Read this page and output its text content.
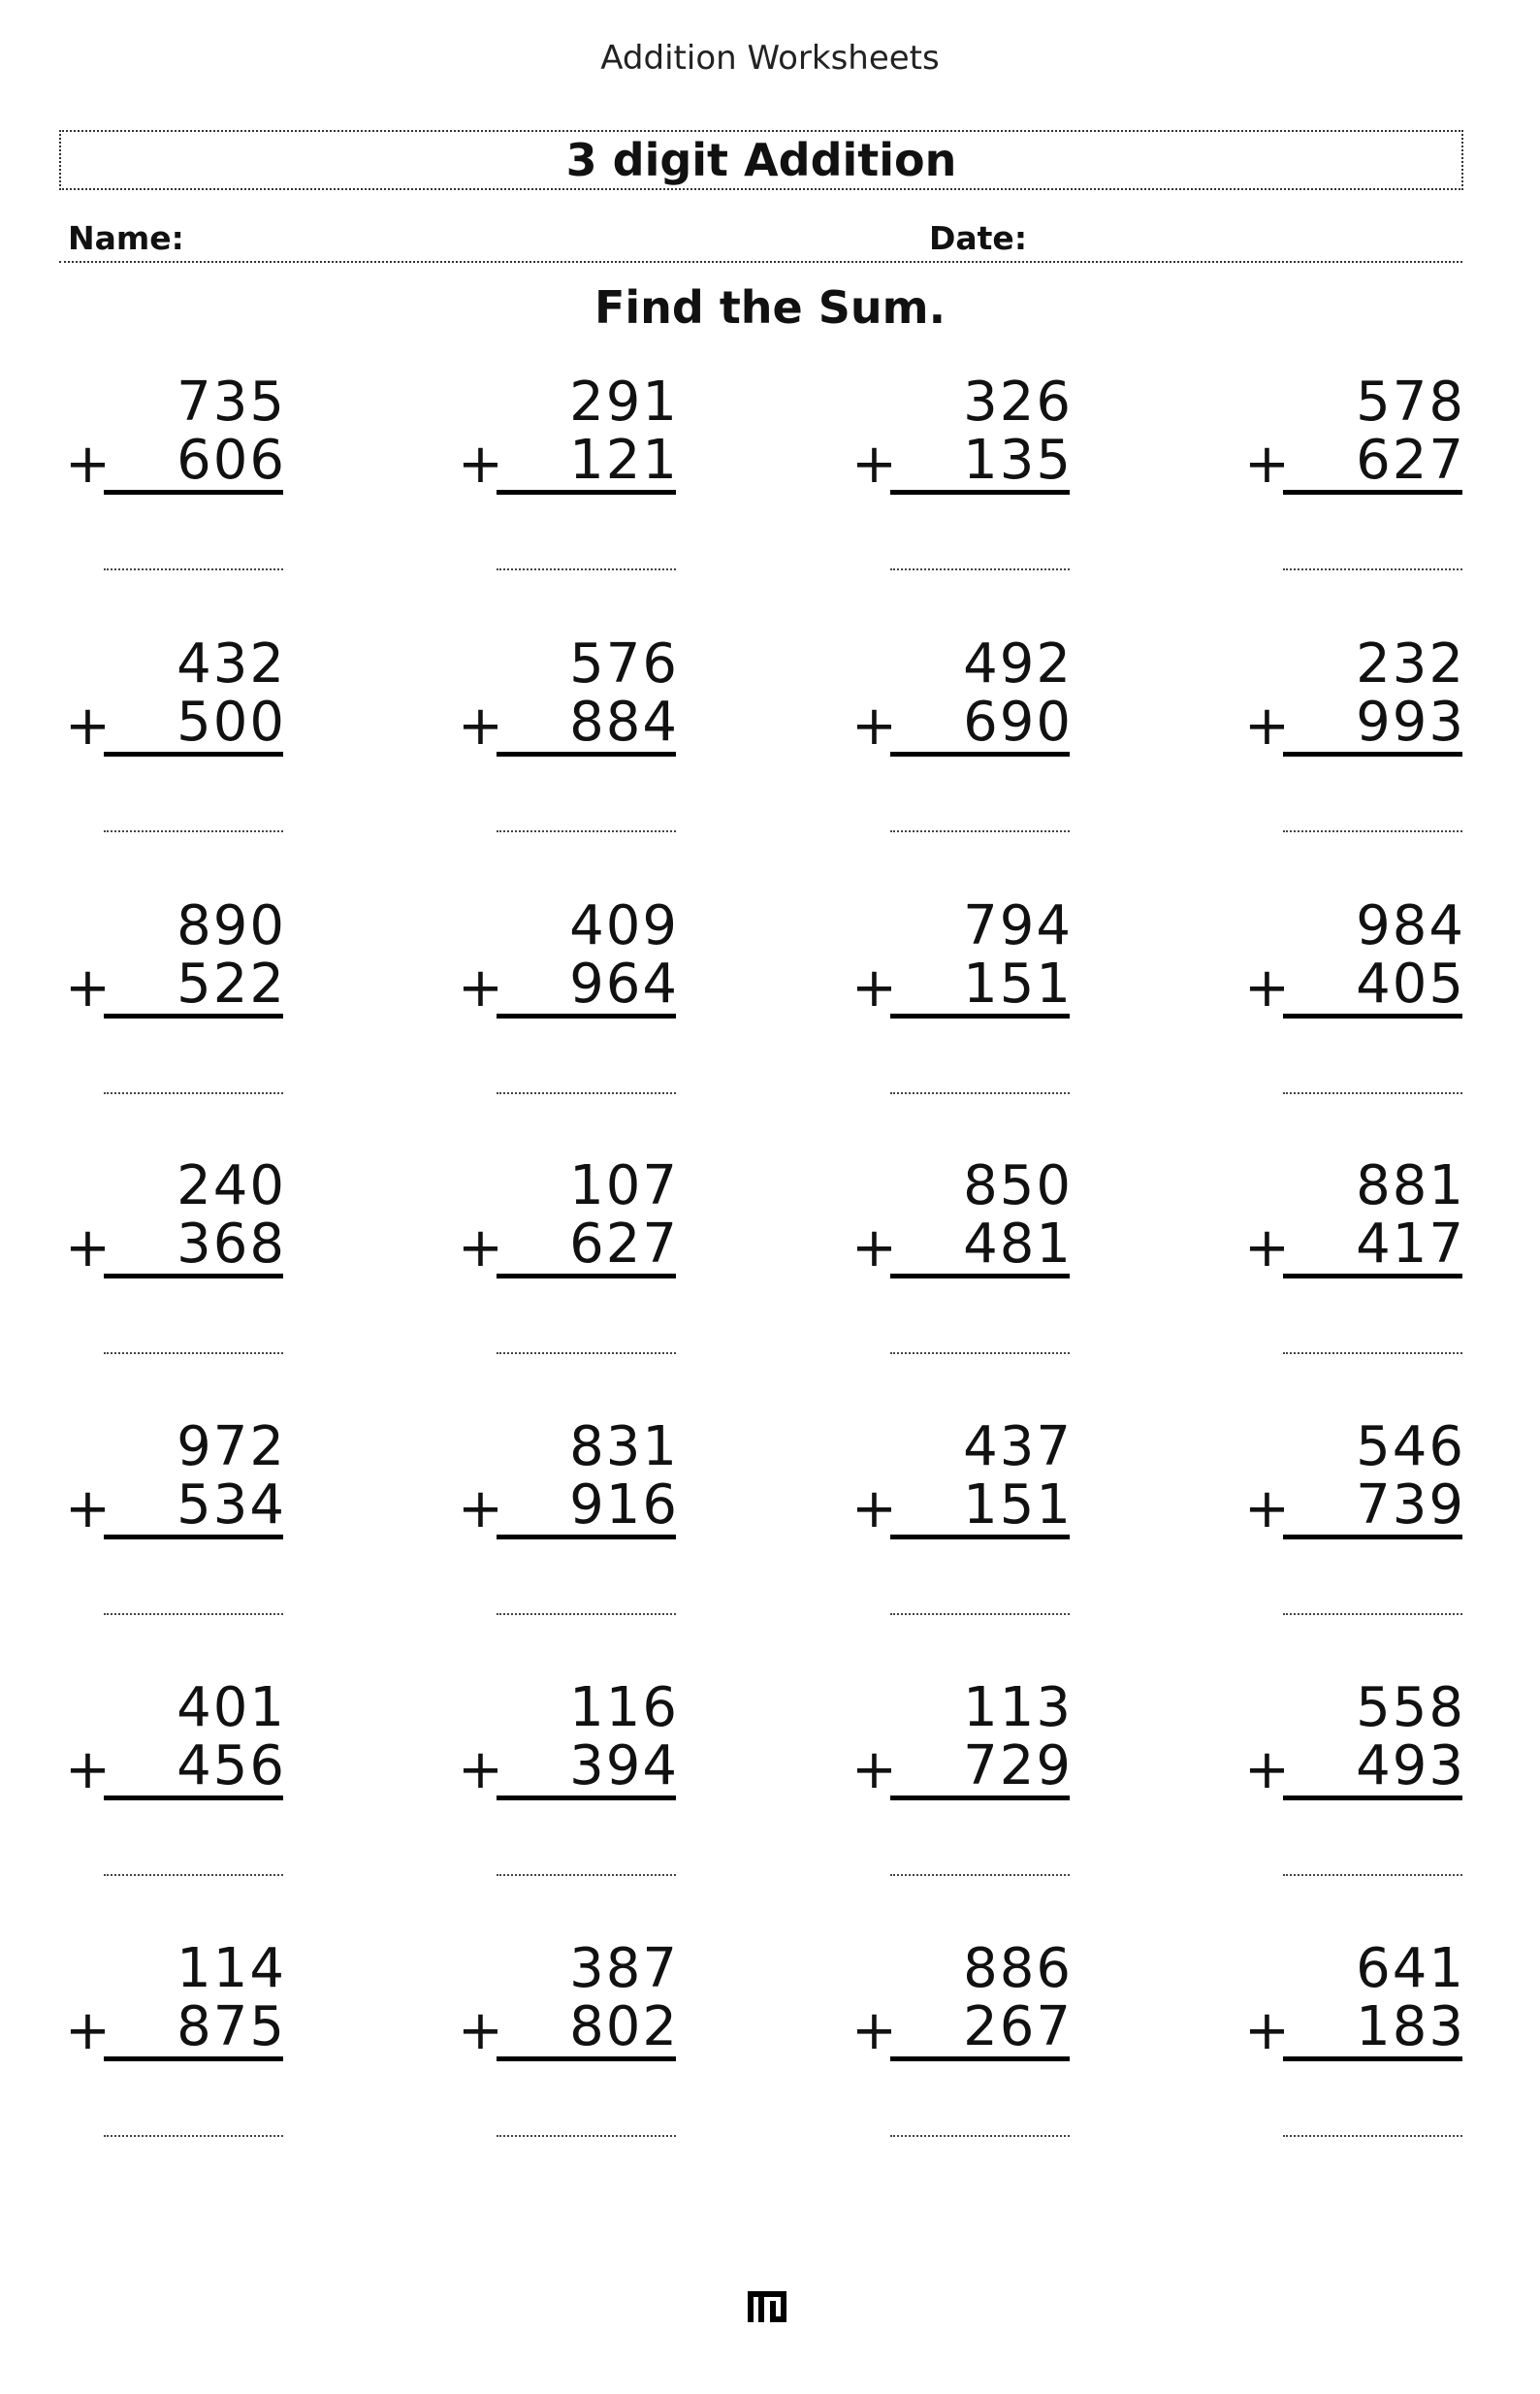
Addition Worksheets
3 digit Addition
Name:	Date:
Find the Sum.
735
+ 606
291
+ 121
326
+ 135
578
+ 627
432
+ 500
576
+ 884
492
+ 690
232
+ 993
890
+ 522
409
+ 964
794
+ 151
984
+ 405
240
+ 368
107
+ 627
850
+ 481
881
+ 417
972
+ 534
831
+ 916
437
+ 151
546
+ 739
401
+ 456
116
+ 394
113
+ 729
558
+ 493
114
+ 875
387
+ 802
886
+ 267
641
+ 183
